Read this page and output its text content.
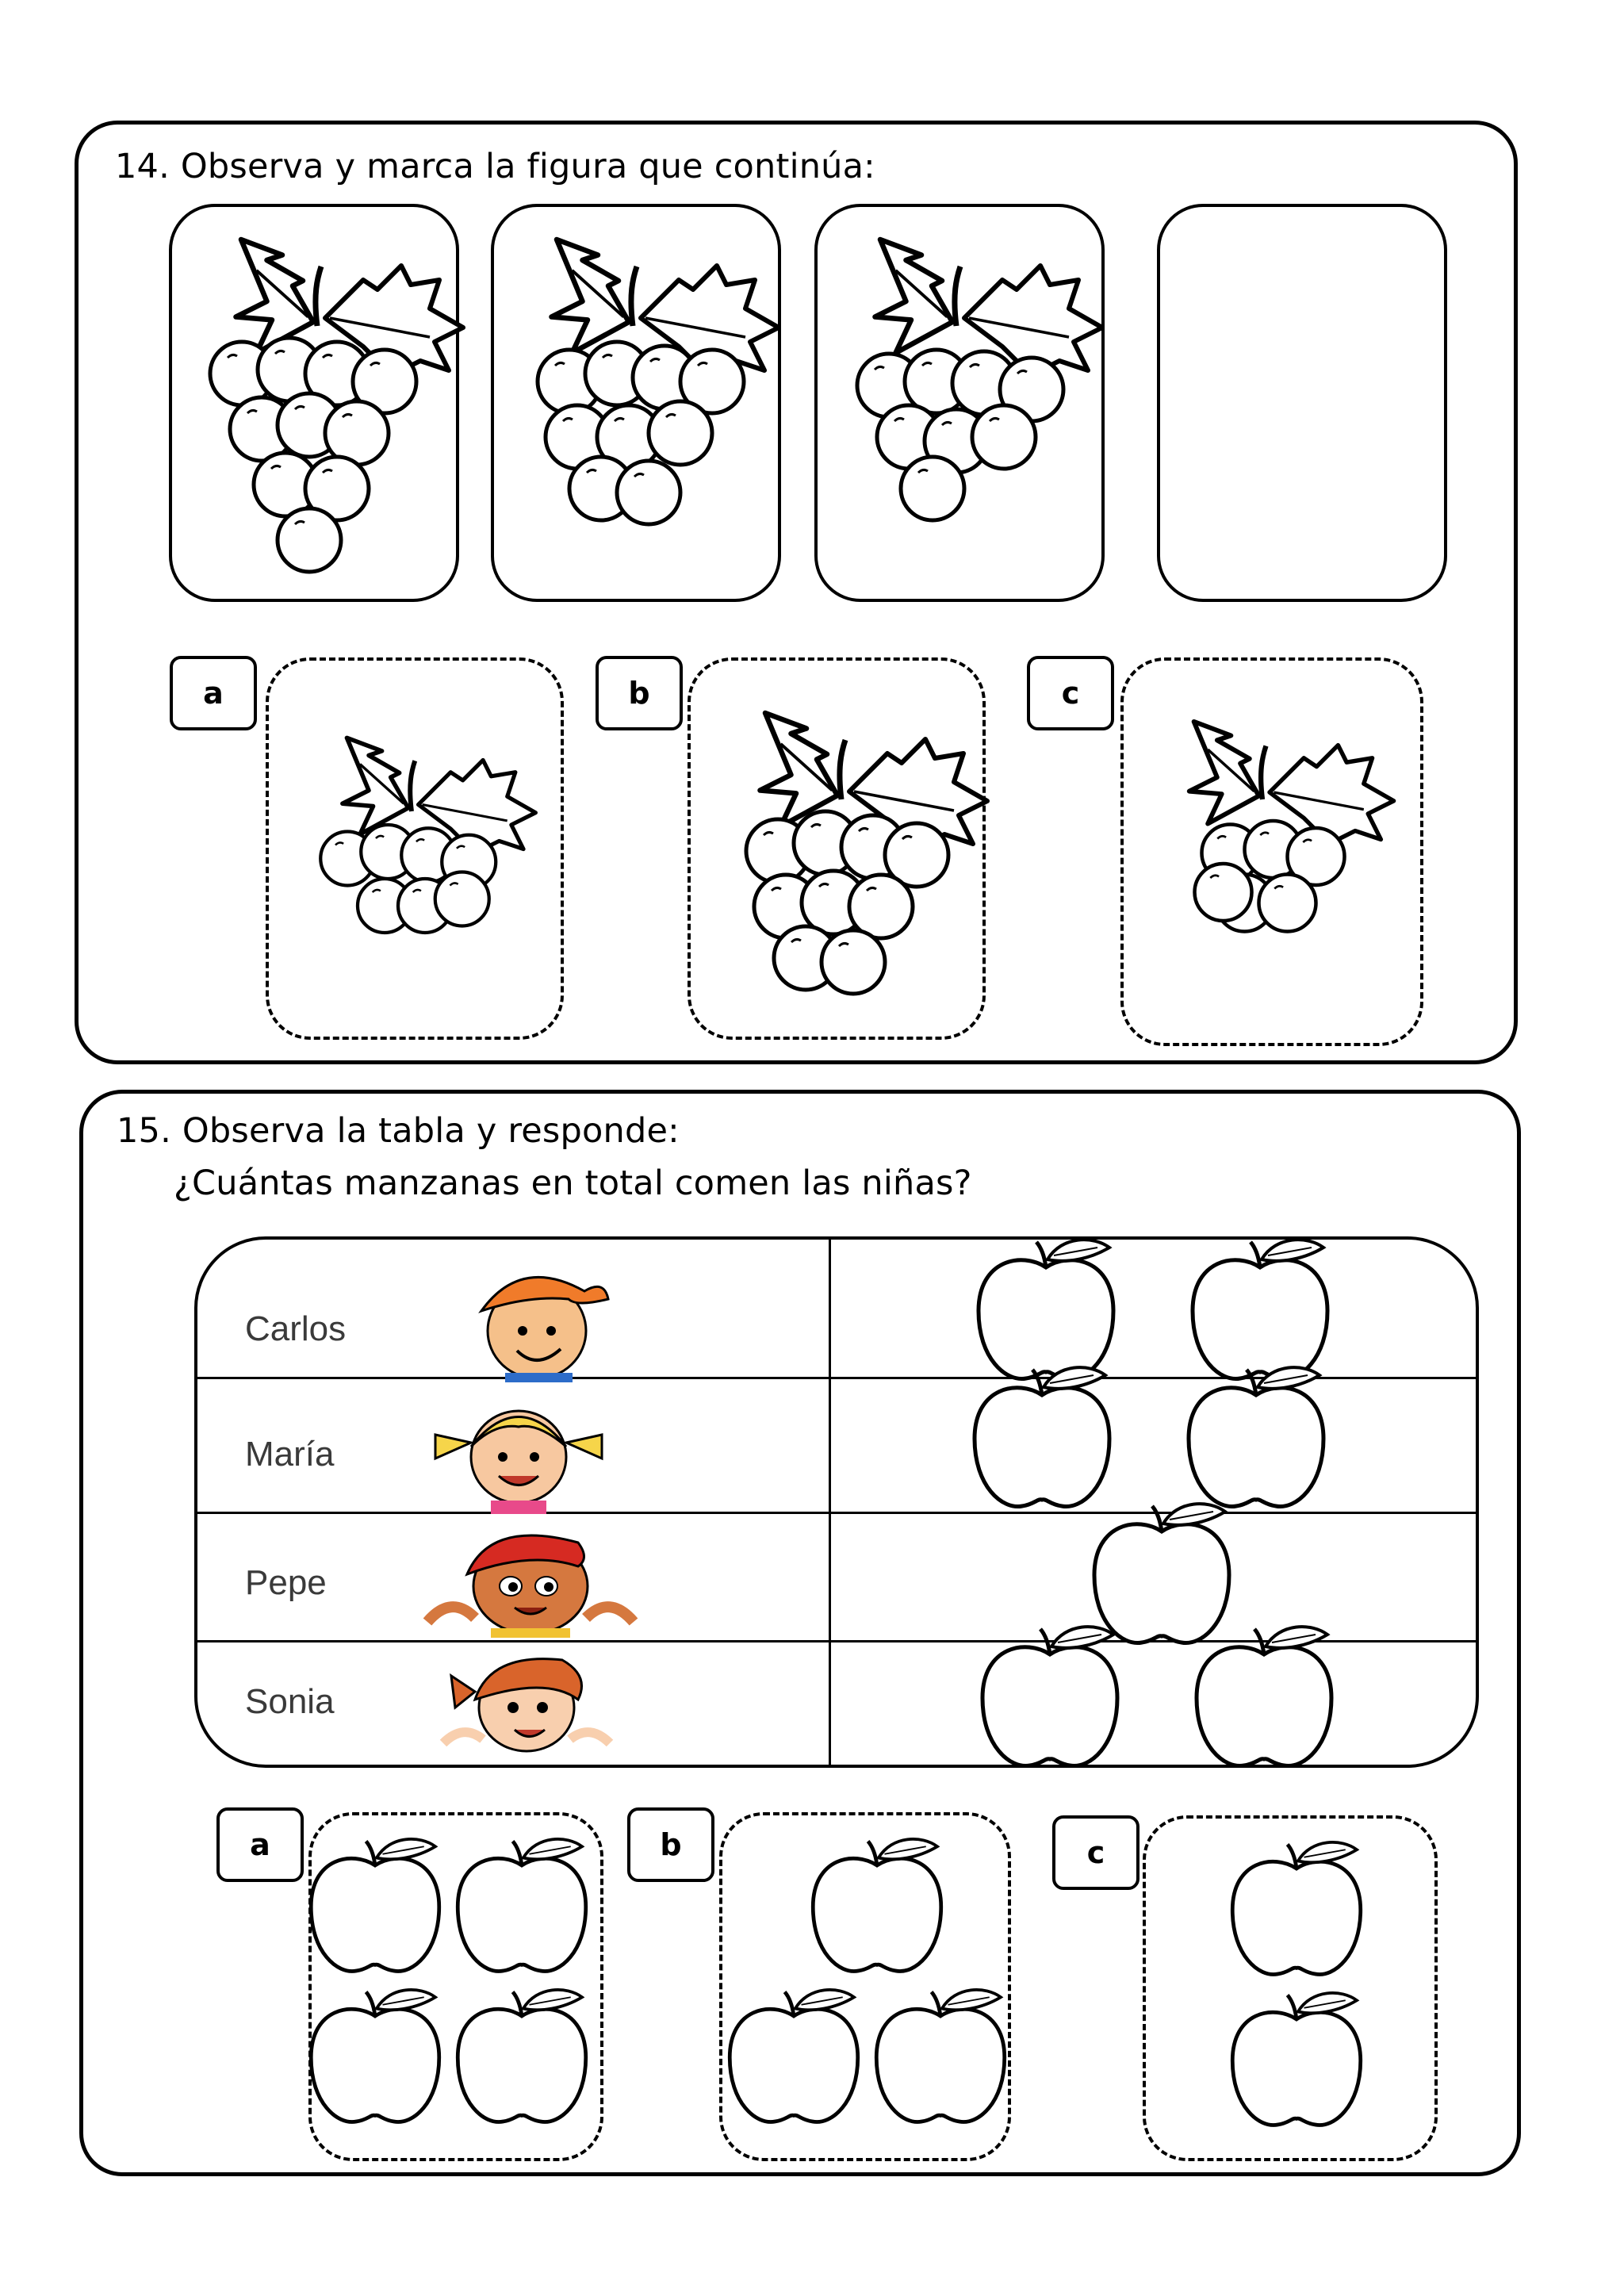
14. Observa y marca la figura que continúa:
a	b	c
15. Observa la tabla y responde:
¿Cuántas manzanas en total comen las niñas?
Carlos
María
Pepe
Sonia
a	b	c
